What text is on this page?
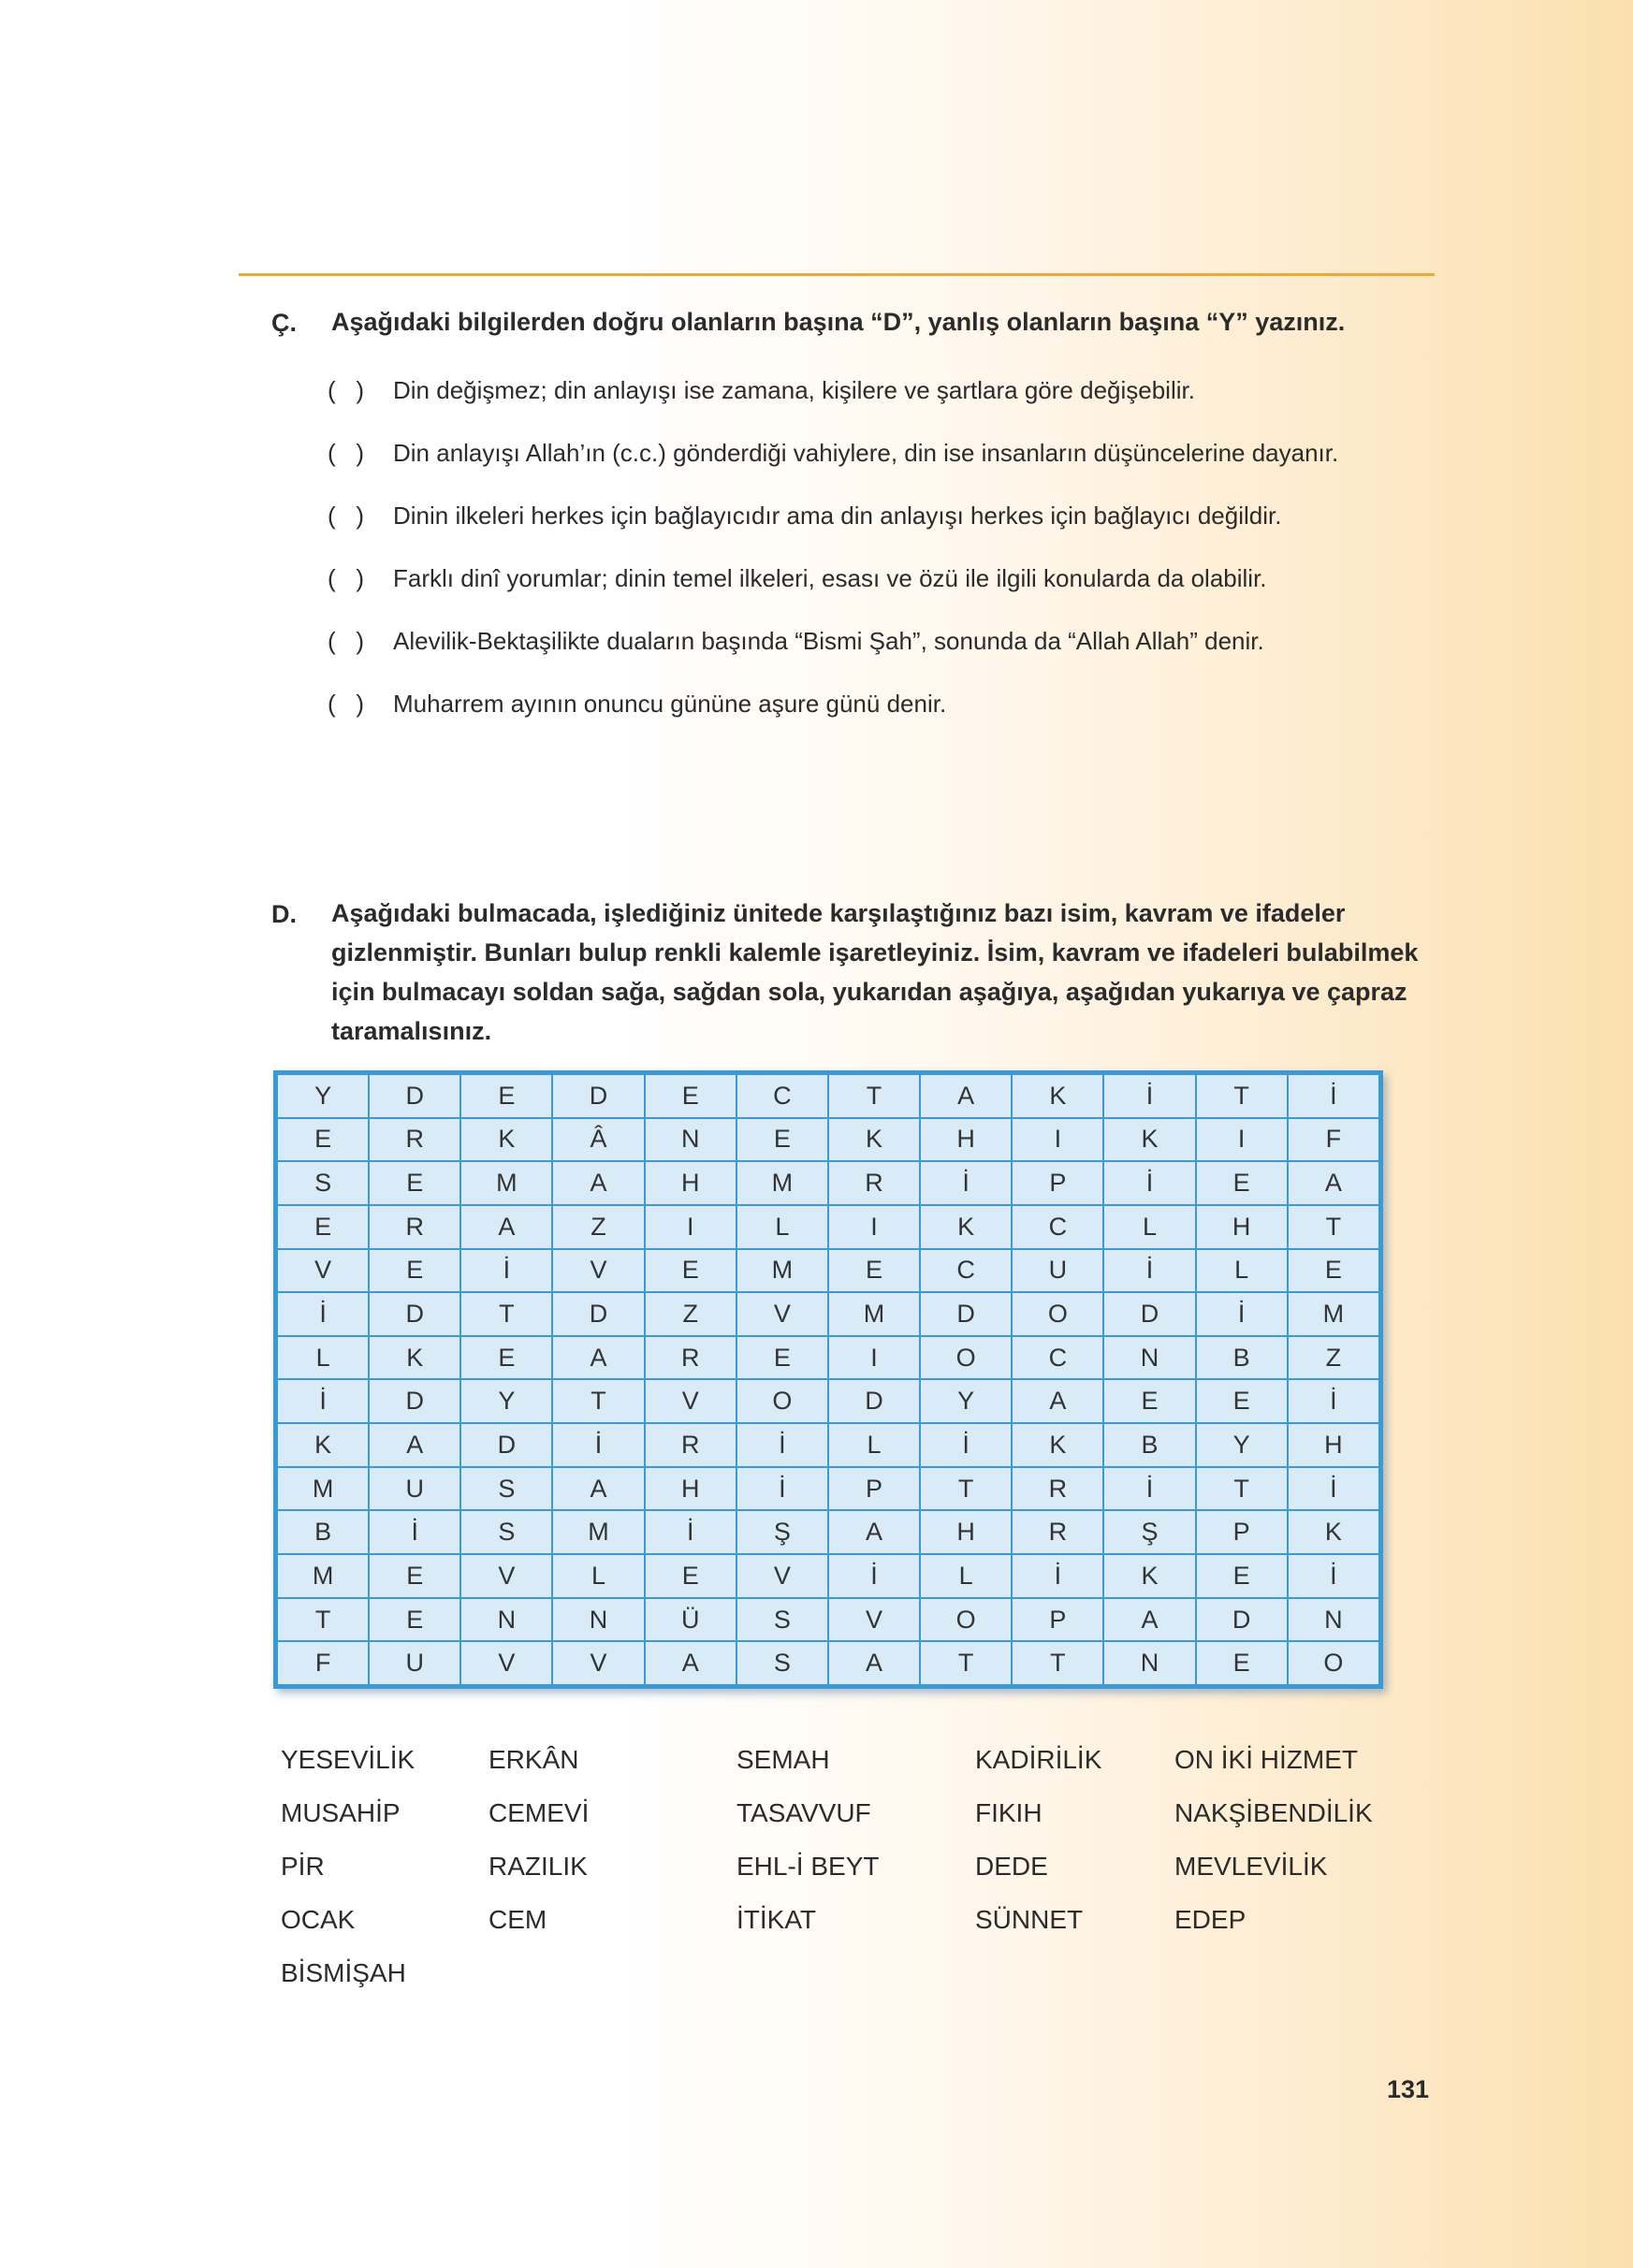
Ç.	Aşağıdaki bilgilerden doğru olanların başına “D”, yanlış olanların başına “Y” yazınız.
(   )	Din değişmez; din anlayışı ise zamana, kişilere ve şartlara göre değişebilir.
(   )	Din anlayışı Allah’ın (c.c.) gönderdiği vahiylere, din ise insanların düşüncelerine dayanır.
(   )	Dinin ilkeleri herkes için bağlayıcıdır ama din anlayışı herkes için bağlayıcı değildir.
(   )	Farklı dinî yorumlar; dinin temel ilkeleri, esası ve özü ile ilgili konularda da olabilir.
(   )	Alevilik-Bektaşilikte duaların başında “Bismi Şah”, sonunda da “Allah Allah” denir.
(   )	Muharrem ayının onuncu gününe aşure günü denir.
D.	Aşağıdaki bulmacada, işlediğiniz ünitede karşılaştığınız bazı isim, kavram ve ifadeler gizlenmiştir. Bunları bulup renkli kalemle işaretleyiniz. İsim, kavram ve ifadeleri bulabilmek için bulmacayı soldan sağa, sağdan sola, yukarıdan aşağıya, aşağıdan yukarıya ve çapraz taramalısınız.
Y	D	E	D	E	C	T	A	K	İ	T	İ
E	R	K	Â	N	E	K	H	I	K	I	F
S	E	M	A	H	M	R	İ	P	İ	E	A
E	R	A	Z	I	L	I	K	C	L	H	T
V	E	İ	V	E	M	E	C	U	İ	L	E
İ	D	T	D	Z	V	M	D	O	D	İ	M
L	K	E	A	R	E	I	O	C	N	B	Z
İ	D	Y	T	V	O	D	Y	A	E	E	İ
K	A	D	İ	R	İ	L	İ	K	B	Y	H
M	U	S	A	H	İ	P	T	R	İ	T	İ
B	İ	S	M	İ	Ş	A	H	R	Ş	P	K
M	E	V	L	E	V	İ	L	İ	K	E	İ
T	E	N	N	Ü	S	V	O	P	A	D	N
F	U	V	V	A	S	A	T	T	N	E	O
YESEVİLİK	ERKÂN	SEMAH	KADİRİLİK	ON İKİ HİZMET
MUSAHİP	CEMEVİ	TASAVVUF	FIKIH	NAKŞİBENDİLİK
PİR	RAZILIK	EHL-İ BEYT	DEDE	MEVLEVİLİK
OCAK	CEM	İTİKAT	SÜNNET	EDEP
BİSMİŞAH
131
